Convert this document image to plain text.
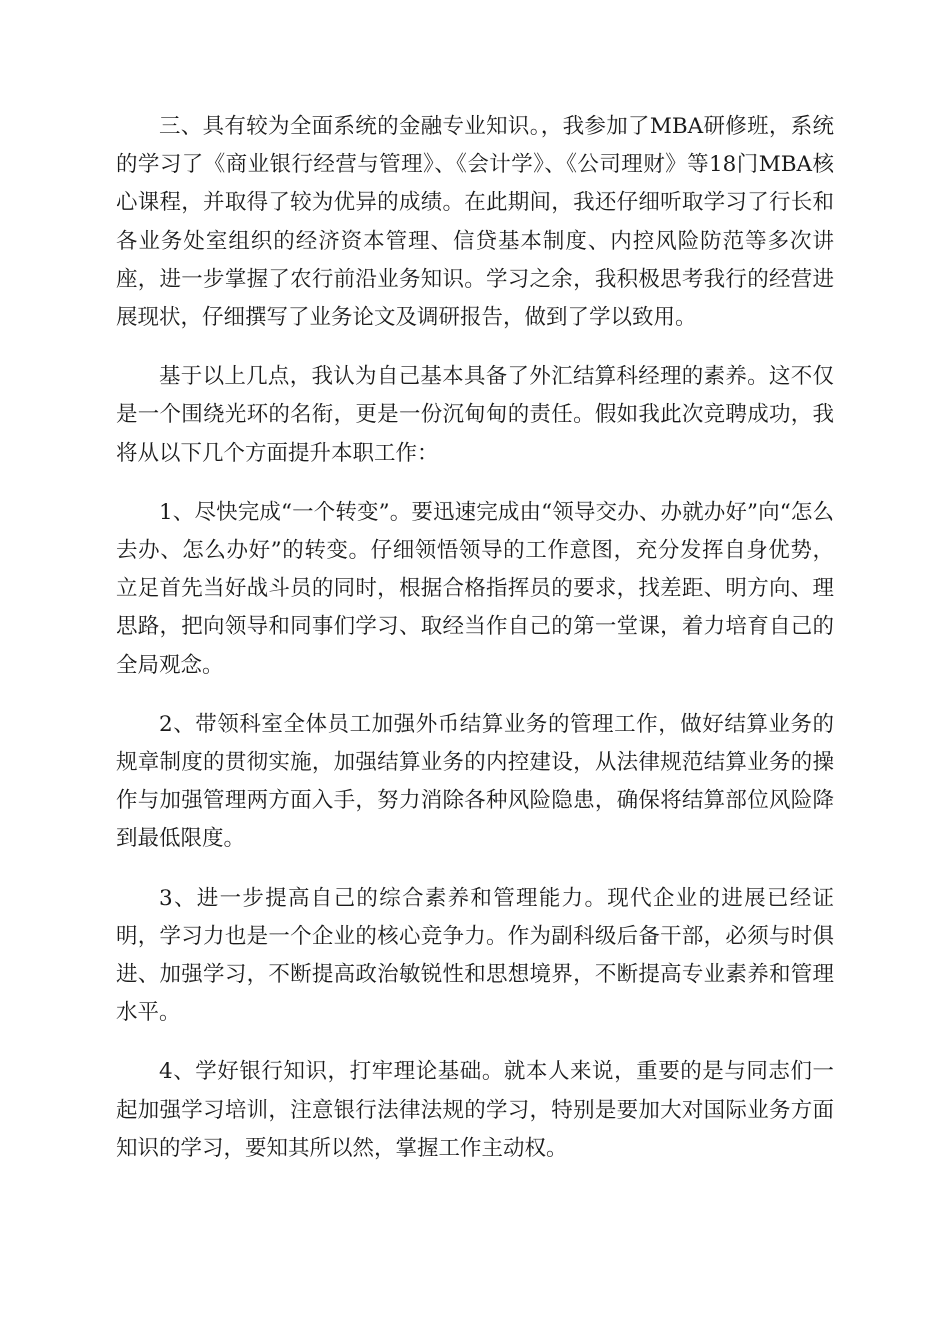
三、具有较为全面系统的金融专业知识。，我参加了MBA研修班，系统的学习了《商业银行经营与管理》、《会计学》、《公司理财》等18门MBA核心课程，并取得了较为优异的成绩。在此期间，我还仔细听取学习了行长和各业务处室组织的经济资本管理、信贷基本制度、内控风险防范等多次讲座，进一步掌握了农行前沿业务知识。学习之余，我积极思考我行的经营进展现状，仔细撰写了业务论文及调研报告，做到了学以致用。

基于以上几点，我认为自己基本具备了外汇结算科经理的素养。这不仅是一个围绕光环的名衔，更是一份沉甸甸的责任。假如我此次竞聘成功，我将从以下几个方面提升本职工作：

1、尽快完成“一个转变”。要迅速完成由“领导交办、办就办好”向“怎么去办、怎么办好”的转变。仔细领悟领导的工作意图，充分发挥自身优势，立足首先当好战斗员的同时，根据合格指挥员的要求，找差距、明方向、理思路，把向领导和同事们学习、取经当作自己的第一堂课，着力培育自己的全局观念。

2、带领科室全体员工加强外币结算业务的管理工作，做好结算业务的规章制度的贯彻实施，加强结算业务的内控建设，从法律规范结算业务的操作与加强管理两方面入手，努力消除各种风险隐患，确保将结算部位风险降到最低限度。

3、进一步提高自己的综合素养和管理能力。现代企业的进展已经证明，学习力也是一个企业的核心竞争力。作为副科级后备干部，必须与时俱进、加强学习，不断提高政治敏锐性和思想境界，不断提高专业素养和管理水平。

4、学好银行知识，打牢理论基础。就本人来说，重要的是与同志们一起加强学习培训，注意银行法律法规的学习，特别是要加大对国际业务方面知识的学习，要知其所以然，掌握工作主动权。
